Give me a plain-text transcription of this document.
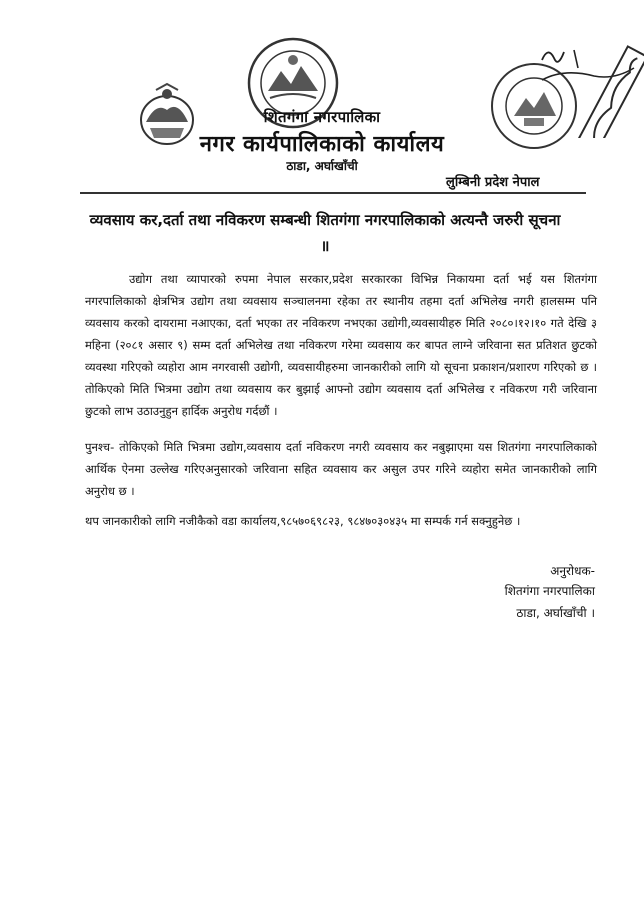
शितगंगा नगरपालिका
नगर कार्यपालिकाको कार्यालय
ठाडा, अर्घाखाँची
लुम्बिनी प्रदेश नेपाल
व्यवसाय कर,दर्ता तथा नविकरण सम्बन्धी शितगंगा नगरपालिकाको अत्यन्तै जरुरी सूचना ॥
उद्योग तथा व्यापारको रुपमा नेपाल सरकार,प्रदेश सरकारका विभिन्न निकायमा दर्ता भई यस शितगंगा नगरपालिकाको क्षेत्रभित्र उद्योग तथा व्यवसाय सञ्चालनमा रहेका तर स्थानीय तहमा दर्ता अभिलेख नगरी हालसम्म पनि व्यवसाय करको दायरामा नआएका, दर्ता भएका तर नविकरण नभएका उद्योगी,व्यवसायीहरु मिति २०८०।१२।१० गते देखि ३ महिना (२०८१ असार ९) सम्म दर्ता अभिलेख तथा नविकरण गरेमा व्यवसाय कर बापत लाग्ने जरिवाना सत प्रतिशत छुटको व्यवस्था गरिएको व्यहोरा आम नगरवासी उद्योगी, व्यवसायीहरुमा जानकारीको लागि यो सूचना प्रकाशन/प्रशारण गरिएको छ । तोकिएको मिति भित्रमा उद्योग तथा व्यवसाय कर बुझाई आफ्नो उद्योग व्यवसाय दर्ता अभिलेख र नविकरण गरी जरिवाना छुटको लाभ उठाउनुहुन हार्दिक अनुरोध गर्दछौं ।
पुनश्च- तोकिएको मिति भित्रमा उद्योग,व्यवसाय दर्ता नविकरण नगरी व्यवसाय कर नबुझाएमा यस शितगंगा नगरपालिकाको आर्थिक ऐनमा उल्लेख गरिएअनुसारको जरिवाना सहित व्यवसाय कर असुल उपर गरिने व्यहोरा समेत जानकारीको लागि अनुरोध छ ।
थप जानकारीको लागि नजीकैको वडा कार्यालय,९८५७०६९८२३, ९८४७०३०४३५ मा सम्पर्क गर्न सक्नुहुनेछ ।
अनुरोधक-
शितगंगा नगरपालिका
ठाडा, अर्घाखाँची ।
